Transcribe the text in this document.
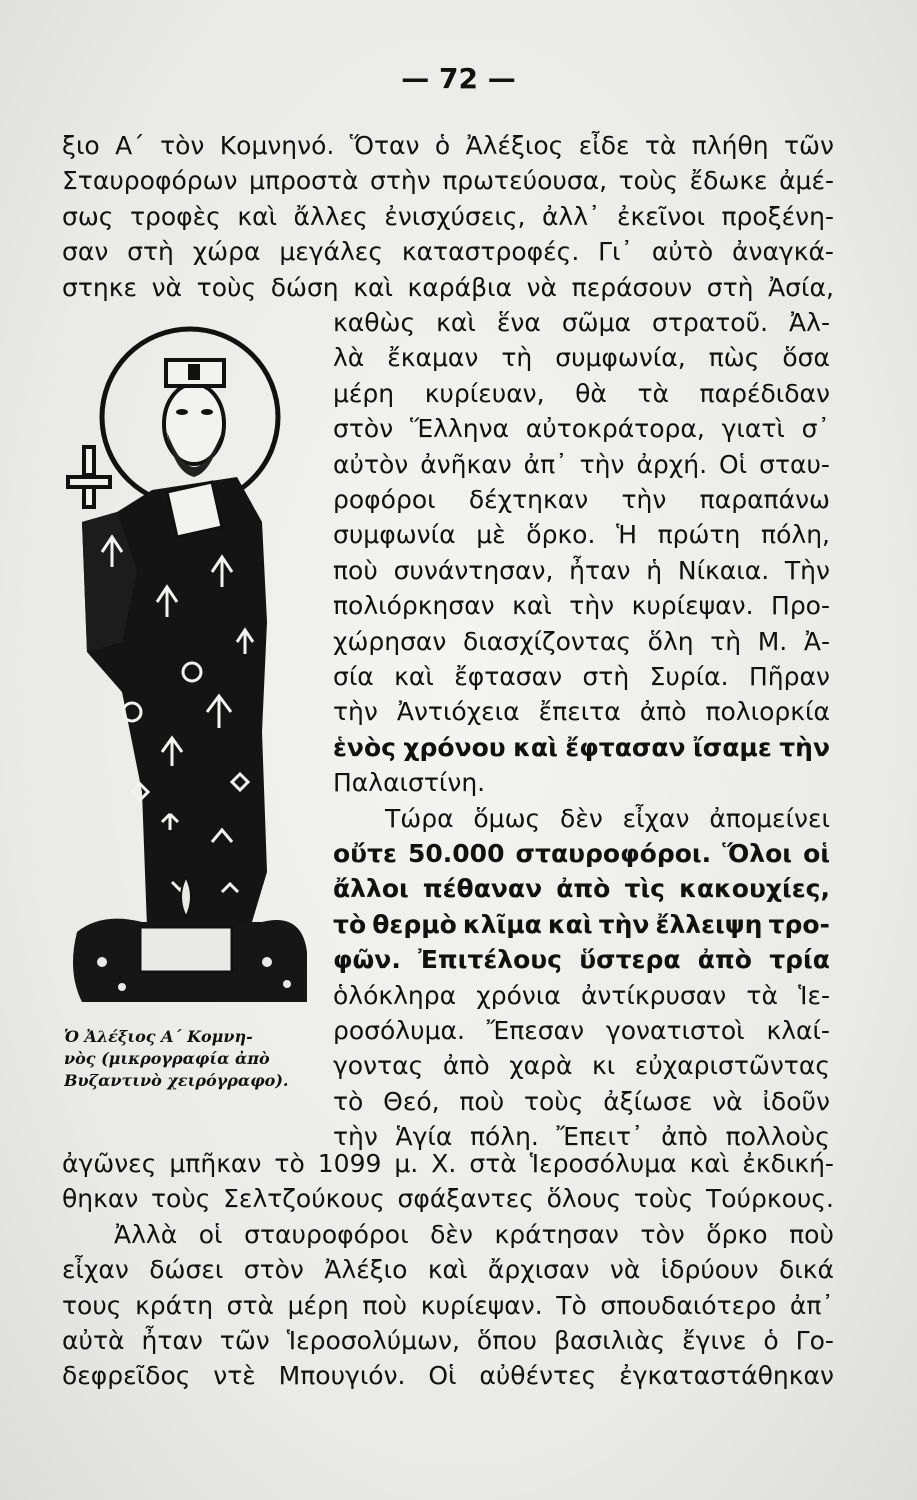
— 72 —
ξιο Α΄ τὸν Κομνηνό. Ὅταν ὁ Ἀλέξιος εἶδε τὰ πλήθη τῶν
Σταυροφόρων μπροστὰ στὴν πρωτεύουσα, τοὺς ἔδωκε ἀμέ-
σως τροφὲς καὶ ἄλλες ἐνισχύσεις, ἀλλ᾽ ἐκεῖνοι προξένη-
σαν στὴ χώρα μεγάλες καταστροφές. Γι᾽ αὐτὸ ἀναγκά-
στηκε νὰ τοὺς δώση καὶ καράβια νὰ περάσουν στὴ Ἀσία,
καθὼς καὶ ἕνα σῶμα στρατοῦ. Ἀλ-
λὰ ἔκαμαν τὴ συμφωνία, πὼς ὅσα
μέρη κυρίευαν, θὰ τὰ παρέδιδαν
στὸν Ἕλληνα αὐτοκράτορα, γιατὶ σ᾽
αὐτὸν ἀνῆκαν ἀπ᾽ τὴν ἀρχή. Οἱ σταυ-
ροφόροι δέχτηκαν τὴν παραπάνω
συμφωνία μὲ ὅρκο. Ἡ πρώτη πόλη,
ποὺ συνάντησαν, ἦταν ἡ Νίκαια. Τὴν
πολιόρκησαν καὶ τὴν κυρίεψαν. Προ-
χώρησαν διασχίζοντας ὅλη τὴ Μ. Ἀ-
σία καὶ ἔφτασαν στὴ Συρία. Πῆραν
τὴν Ἀντιόχεια ἔπειτα ἀπὸ πολιορκία
ἑνὸς χρόνου καὶ ἔφτασαν ἴσαμε τὴν
Παλαιστίνη.
Τώρα ὅμως δὲν εἶχαν ἀπομείνει
οὔτε 50.000 σταυροφόροι. Ὅλοι οἱ
ἄλλοι πέθαναν ἀπὸ τὶς κακουχίες,
τὸ θερμὸ κλῖμα καὶ τὴν ἔλλειψη τρο-
φῶν. Ἐπιτέλους ὕστερα ἀπὸ τρία
ὁλόκληρα χρόνια ἀντίκρυσαν τὰ Ἱε-
ροσόλυμα. Ἔπεσαν γονατιστοὶ κλαί-
γοντας ἀπὸ χαρὰ κι εὐχαριστῶντας
τὸ Θεό, ποὺ τοὺς ἀξίωσε νὰ ἰδοῦν
τὴν Ἁγία πόλη. Ἔπειτ᾽ ἀπὸ πολλοὺς
ἀγῶνες μπῆκαν τὸ 1099 μ. Χ. στὰ Ἱεροσόλυμα καὶ ἐκδική-
θηκαν τοὺς Σελτζούκους σφάξαντες ὅλους τοὺς Τούρκους.
Ἀλλὰ οἱ σταυροφόροι δὲν κράτησαν τὸν ὅρκο ποὺ
εἶχαν δώσει στὸν Ἀλέξιο καὶ ἄρχισαν νὰ ἱδρύουν δικά
τους κράτη στὰ μέρη ποὺ κυρίεψαν. Τὸ σπουδαιότερο ἀπ᾽
αὐτὰ ἦταν τῶν Ἱεροσολύμων, ὅπου βασιλιὰς ἔγινε ὁ Γο-
δεφρεῖδος ντὲ Μπουγιόν. Οἱ αὐθέντες ἐγκαταστάθηκαν
Ὁ Ἀλέξιος Α΄ Κομνη-
νὸς (μικρογραφία ἀπὸ
Βυζαντινὸ χειρόγραφο).
